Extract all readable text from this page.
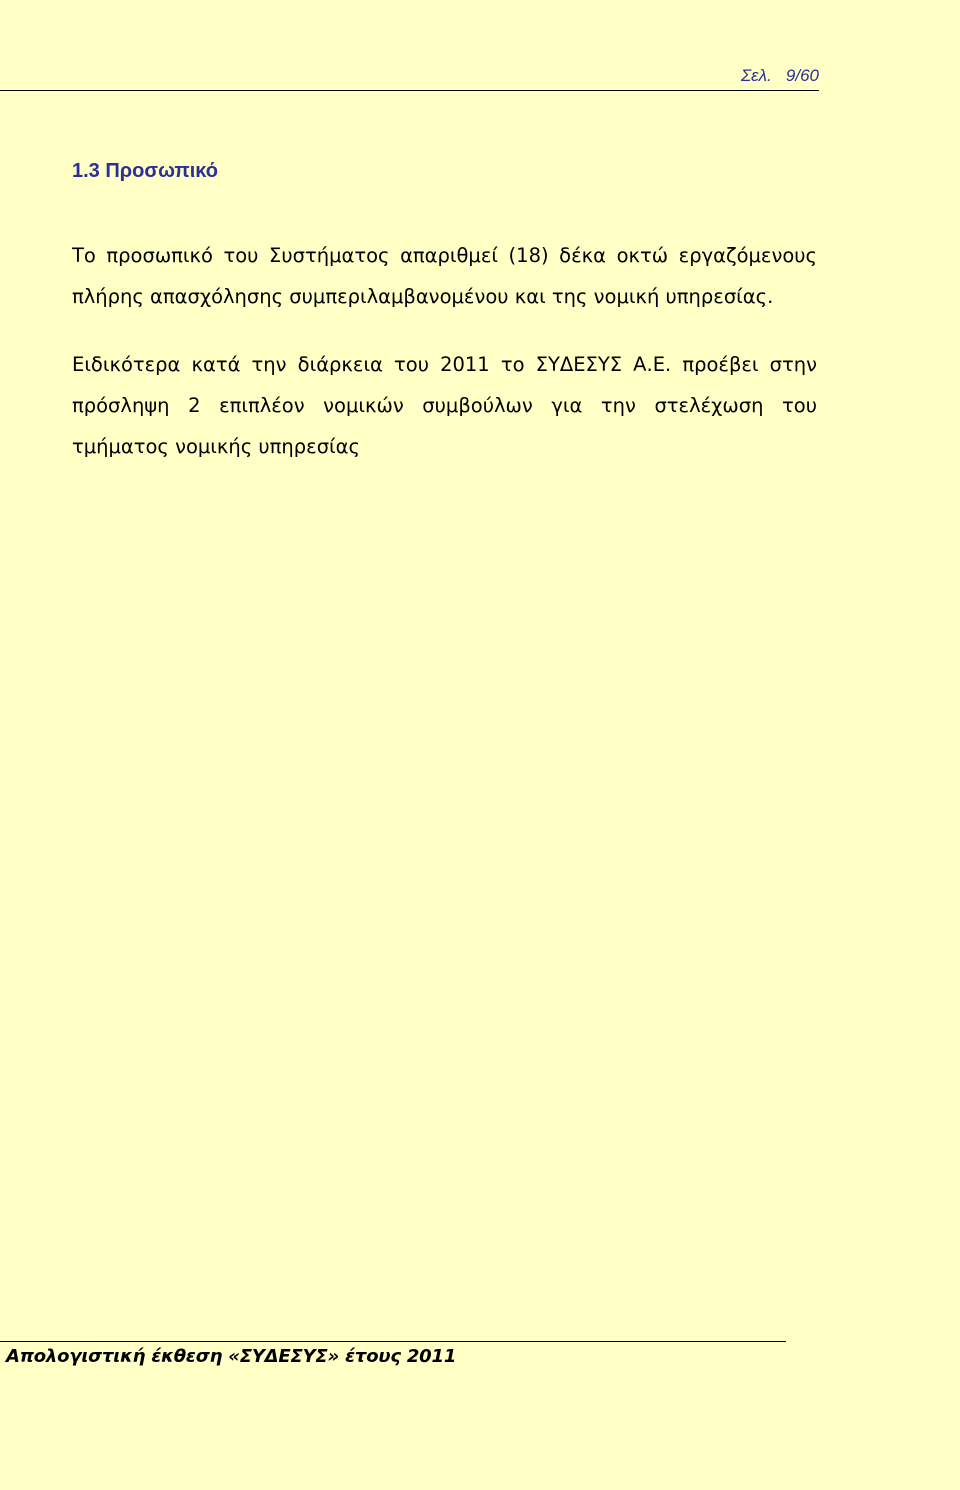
Σελ.   9/60
1.3 Προσωπικό

Το προσωπικό του Συστήματος απαριθμεί (18) δέκα οκτώ εργαζόμενους πλήρης απασχόλησης συμπεριλαμβανομένου και της νομική υπηρεσίας.

Ειδικότερα κατά την διάρκεια του 2011 το ΣΥΔΕΣΥΣ Α.Ε. προέβει στην πρόσληψη 2 επιπλέον νομικών συμβούλων για την στελέχωση του τμήματος νομικής υπηρεσίας

Απολογιστική έκθεση «ΣΥΔΕΣΥΣ» έτους 2011
